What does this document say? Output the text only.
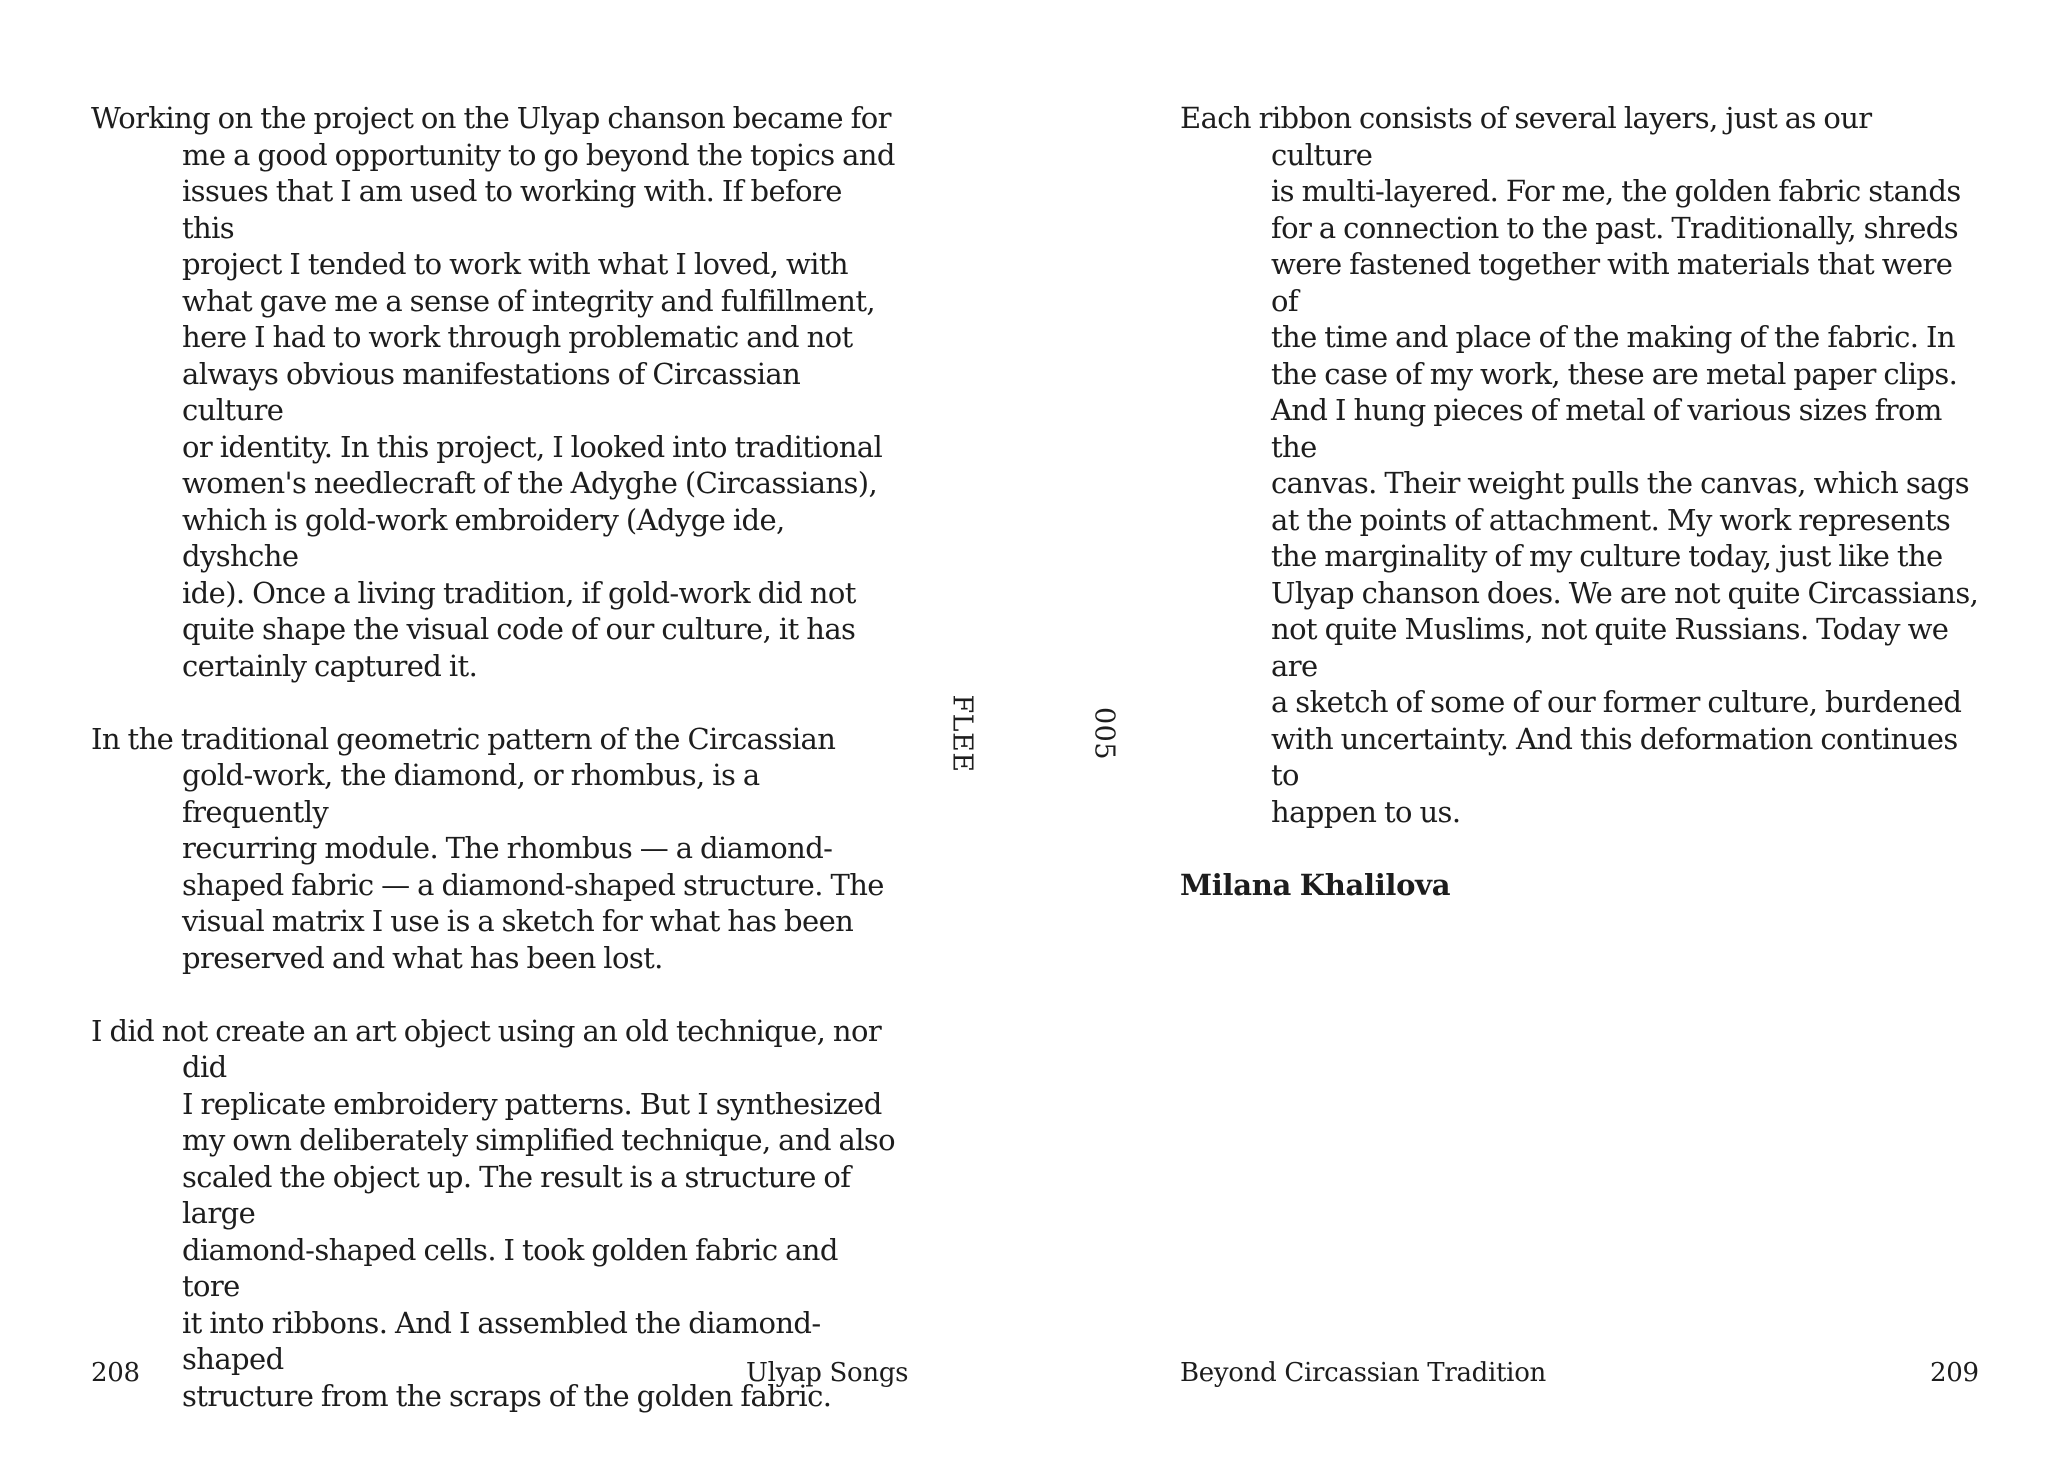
Working on the project on the Ulyap chanson became for
me a good opportunity to go beyond the topics and
issues that I am used to working with. If before this
project I tended to work with what I loved, with
what gave me a sense of integrity and fulfillment,
here I had to work through problematic and not
always obvious manifestations of Circassian culture
or identity. In this project, I looked into traditional
women's needlecraft of the Adyghe (Circassians),
which is gold-work embroidery (Adyge ide, dyshche
ide). Once a living tradition, if gold-work did not
quite shape the visual code of our culture, it has
certainly captured it.

In the traditional geometric pattern of the Circassian
gold-work, the diamond, or rhombus, is a frequently
recurring module. The rhombus — a diamond-
shaped fabric — a diamond-shaped structure. The
visual matrix I use is a sketch for what has been
preserved and what has been lost.

I did not create an art object using an old technique, nor did
I replicate embroidery patterns. But I synthesized
my own deliberately simplified technique, and also
scaled the object up. The result is a structure of large
diamond-shaped cells. I took golden fabric and tore
it into ribbons. And I assembled the diamond-shaped
structure from the scraps of the golden fabric.

FLEE	005

Each ribbon consists of several layers, just as our culture
is multi-layered. For me, the golden fabric stands
for a connection to the past. Traditionally, shreds
were fastened together with materials that were of
the time and place of the making of the fabric. In
the case of my work, these are metal paper clips.
And I hung pieces of metal of various sizes from the
canvas. Their weight pulls the canvas, which sags
at the points of attachment. My work represents
the marginality of my culture today, just like the
Ulyap chanson does. We are not quite Circassians,
not quite Muslims, not quite Russians. Today we are
a sketch of some of our former culture, burdened
with uncertainty. And this deformation continues to
happen to us.

Milana Khalilova

208	Ulyap Songs	Beyond Circassian Tradition	209
